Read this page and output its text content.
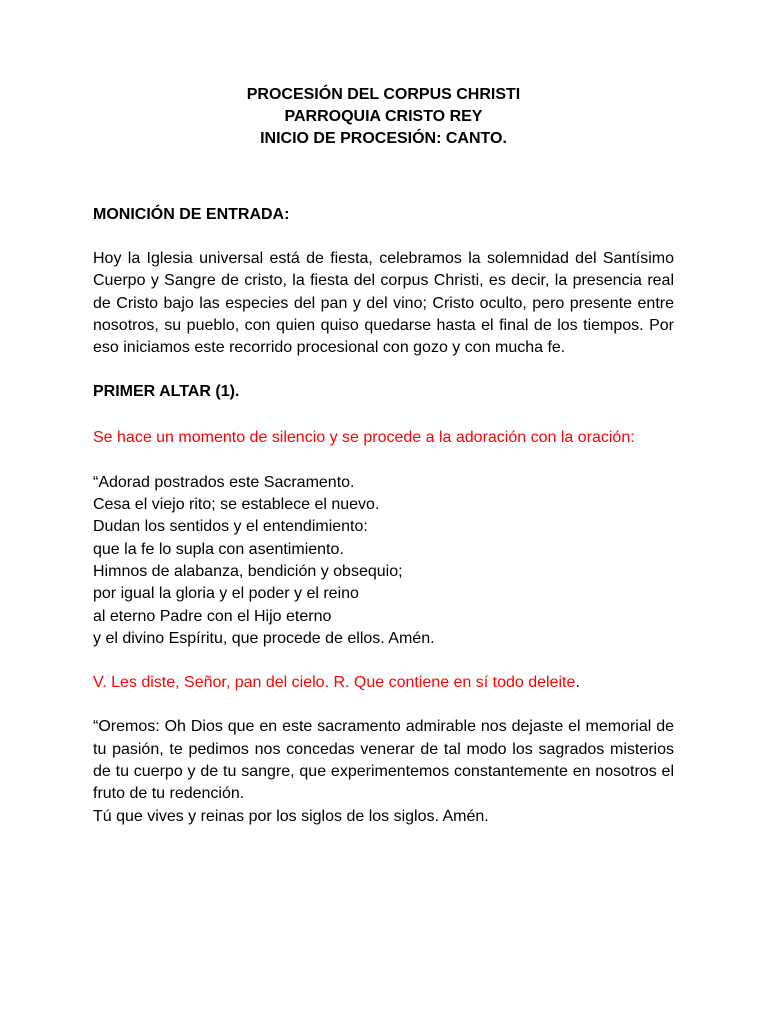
PROCESIÓN DEL CORPUS CHRISTI
PARROQUIA CRISTO REY
INICIO DE PROCESIÓN: CANTO.
MONICIÓN DE ENTRADA:

Hoy la Iglesia universal está de fiesta, celebramos la solemnidad del Santísimo Cuerpo y Sangre de cristo, la fiesta del corpus Christi, es decir, la presencia real de Cristo bajo las especies del pan y del vino; Cristo oculto, pero presente entre nosotros, su pueblo, con quien quiso quedarse hasta el final de los tiempos. Por eso iniciamos este recorrido procesional con gozo y con mucha fe.

PRIMER ALTAR (1).

Se hace un momento de silencio y se procede a la adoración con la oración:

“Adorad postrados este Sacramento.
Cesa el viejo rito; se establece el nuevo.
Dudan los sentidos y el entendimiento:
que la fe lo supla con asentimiento.
Himnos de alabanza, bendición y obsequio;
por igual la gloria y el poder y el reino
al eterno Padre con el Hijo eterno
y el divino Espíritu, que procede de ellos. Amén.

V. Les diste, Señor, pan del cielo. R. Que contiene en sí todo deleite.

“Oremos: Oh Dios que en este sacramento admirable nos dejaste el memorial de tu pasión, te pedimos nos concedas venerar de tal modo los sagrados misterios de tu cuerpo y de tu sangre, que experimentemos constantemente en nosotros el fruto de tu redención.

Tú que vives y reinas por los siglos de los siglos. Amén.
